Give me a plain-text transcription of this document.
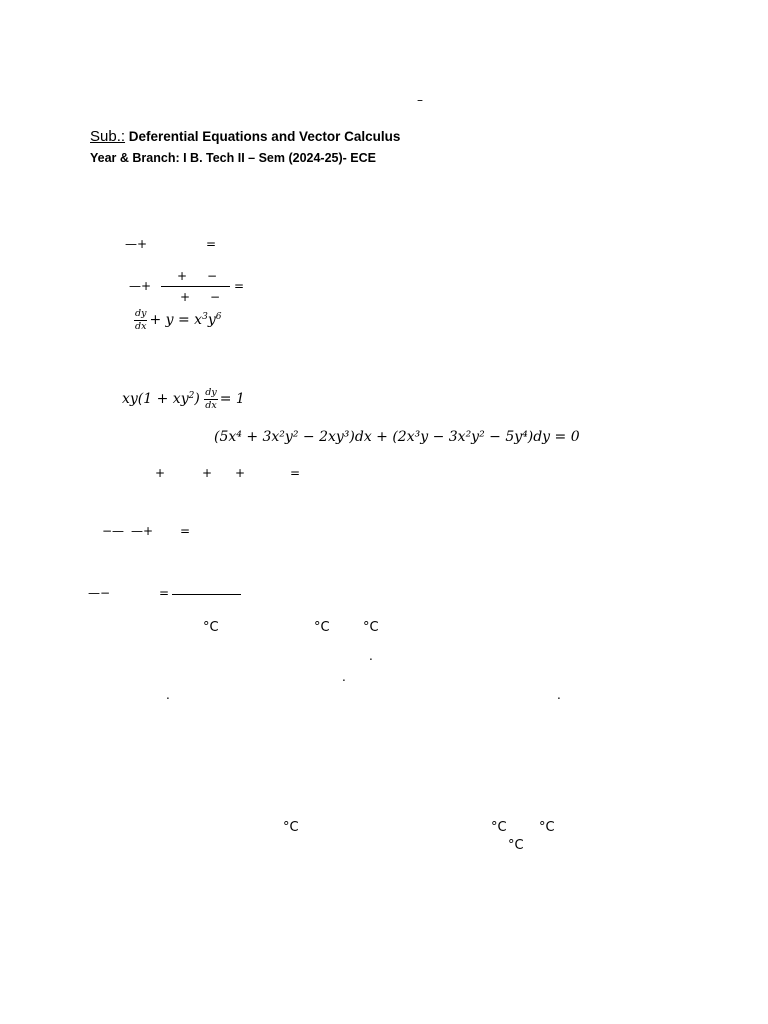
–
Sub.: Deferential Equations and Vector Calculus
Year & Branch: I B. Tech II – Sem (2024-25)- ECE
—+	=
+ −
—+	=
+ −
$\frac{dy}{dx} + y = x^3y^6$
$xy(1 + xy^2) \frac{dy}{dx} = 1$
(5x⁴ + 3x²y² − 2xy³)dx + (2x³y − 3x²y² − 5y⁴)dy = 0
+	+ +	=
−— —+ =
—−	=
°C	°C	°C
.
.
.	.
°C	°C °C
°C
